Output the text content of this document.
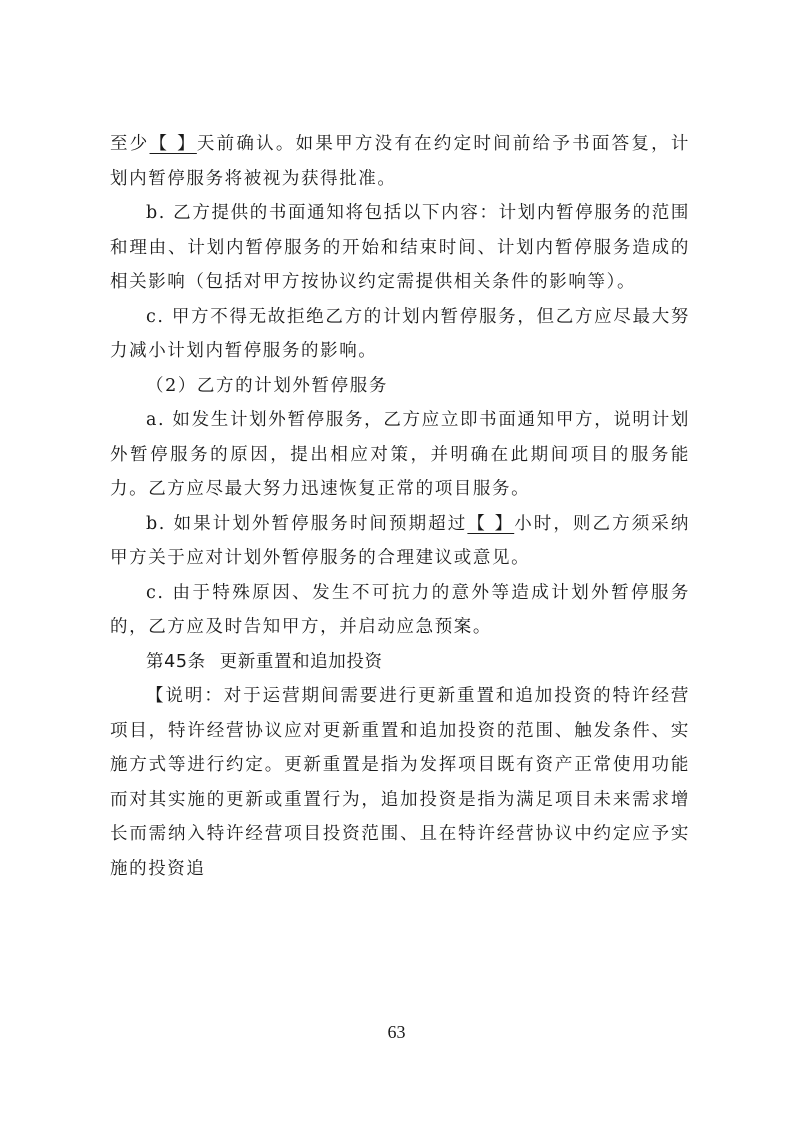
至少【 】天前确认。如果甲方没有在约定时间前给予书面答复，计划内暂停服务将被视为获得批准。

b. 乙方提供的书面通知将包括以下内容：计划内暂停服务的范围和理由、计划内暂停服务的开始和结束时间、计划内暂停服务造成的相关影响（包括对甲方按协议约定需提供相关条件的影响等）。

c. 甲方不得无故拒绝乙方的计划内暂停服务，但乙方应尽最大努力减小计划内暂停服务的影响。

（2）乙方的计划外暂停服务

a. 如发生计划外暂停服务，乙方应立即书面通知甲方，说明计划外暂停服务的原因，提出相应对策，并明确在此期间项目的服务能力。乙方应尽最大努力迅速恢复正常的项目服务。

b. 如果计划外暂停服务时间预期超过【 】小时，则乙方须采纳甲方关于应对计划外暂停服务的合理建议或意见。

c. 由于特殊原因、发生不可抗力的意外等造成计划外暂停服务的，乙方应及时告知甲方，并启动应急预案。

第45条 更新重置和追加投资

【说明：对于运营期间需要进行更新重置和追加投资的特许经营项目，特许经营协议应对更新重置和追加投资的范围、触发条件、实施方式等进行约定。更新重置是指为发挥项目既有资产正常使用功能而对其实施的更新或重置行为，追加投资是指为满足项目未来需求增长而需纳入特许经营项目投资范围、且在特许经营协议中约定应予实施的投资追

63
